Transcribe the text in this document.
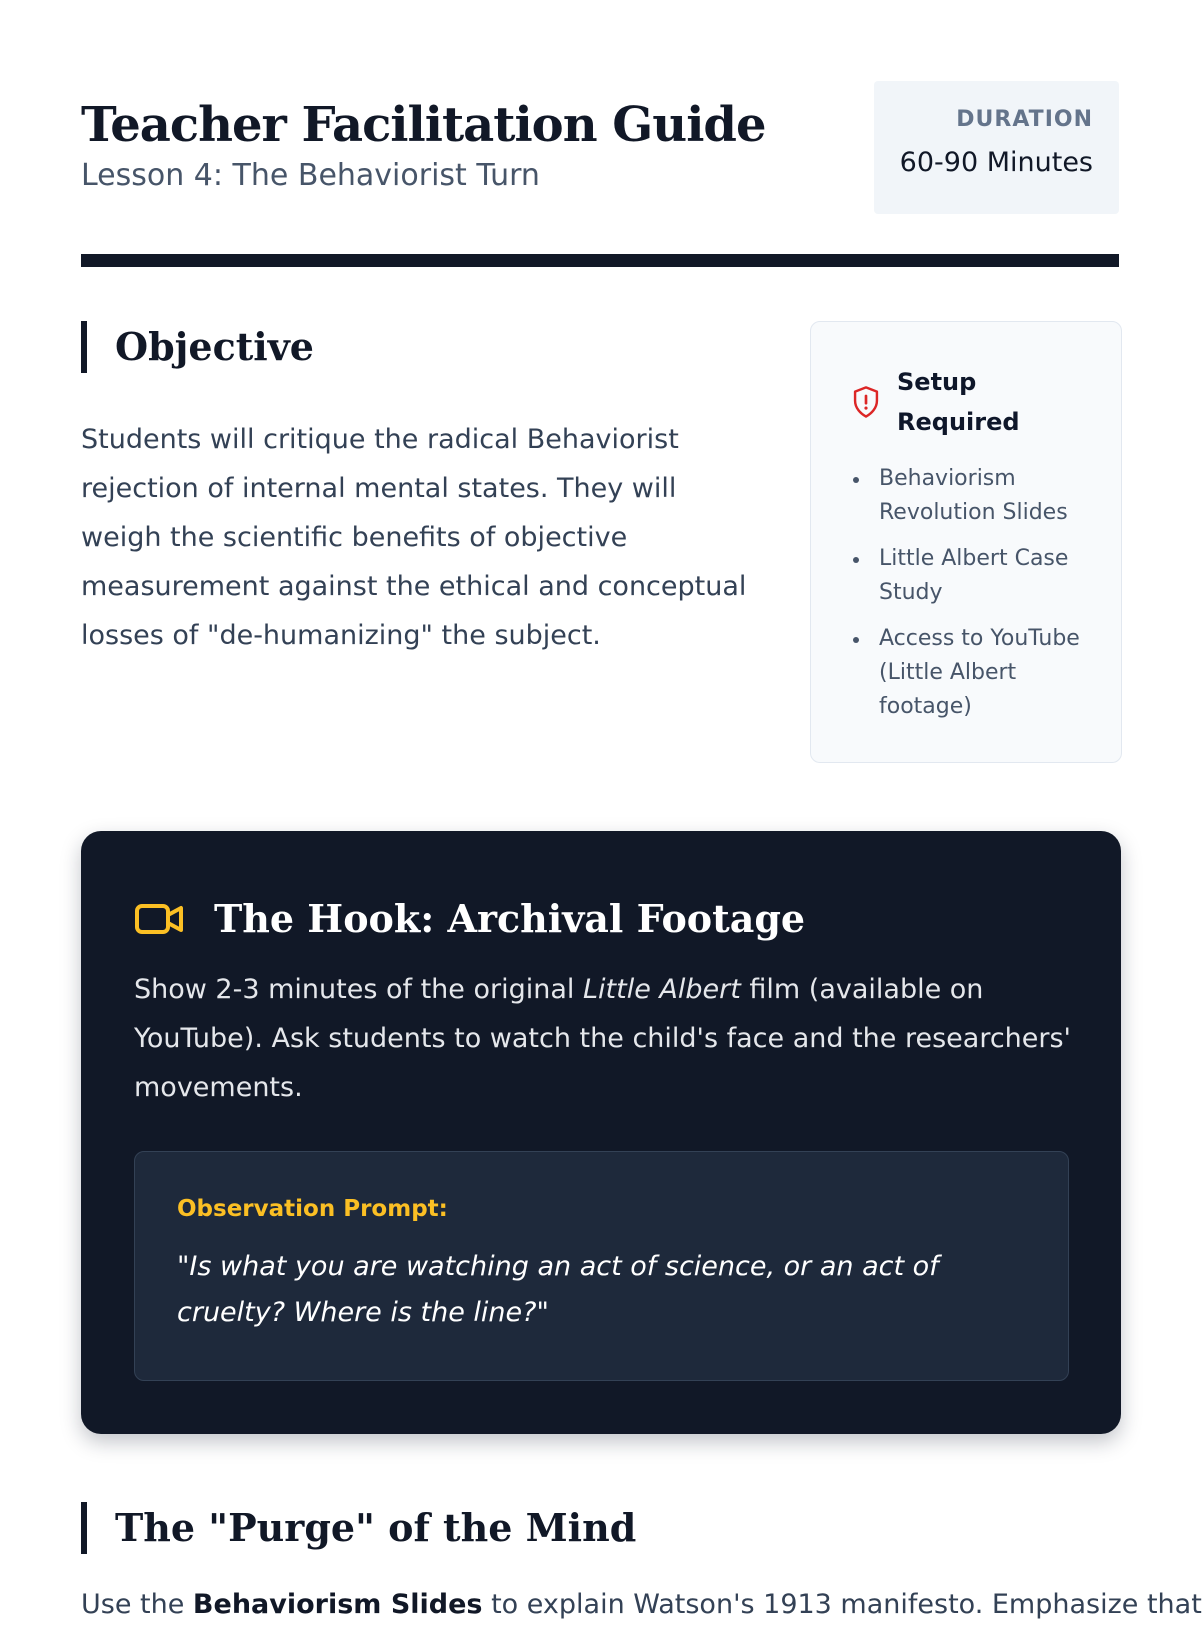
Teacher Facilitation Guide
Lesson 4: The Behaviorist Turn
DURATION
60-90 Minutes
Objective

Students will critique the radical Behaviorist rejection of internal mental states. They will weigh the scientific benefits of objective measurement against the ethical and conceptual losses of "de-humanizing" the subject.

Setup Required
Behaviorism Revolution Slides
Little Albert Case Study
Access to YouTube (Little Albert footage)
The Hook: Archival Footage

Show 2-3 minutes of the original Little Albert film (available on YouTube). Ask students to watch the child's face and the researchers' movements.

Observation Prompt:
"Is what you are watching an act of science, or an act of cruelty? Where is the line?"
The "Purge" of the Mind

Use the Behaviorism Slides to explain Watson's 1913 manifesto. Emphasize that
